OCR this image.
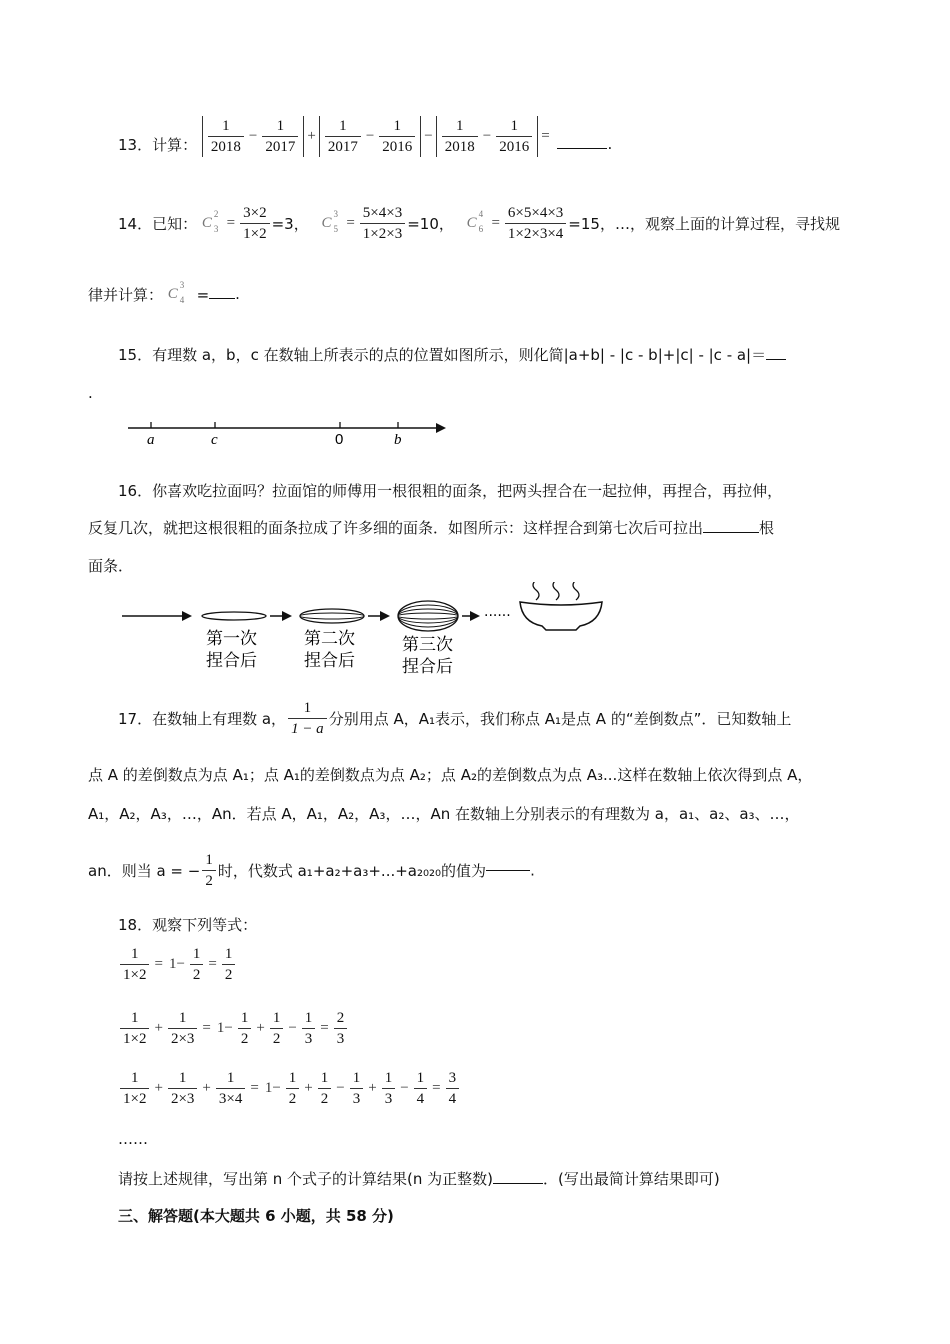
13．计算： $\frac{1}{2018} - \frac{1}{2017} + \frac{1}{2017} - \frac{1}{2016} - \frac{1}{2018} - \frac{1}{2016}$ =	.
14．已知： C
2
$3 = \frac{3\times 2}{1\times 2} =3$， C
3
$5 = \frac{5\times 4\times 3}{1\times 2\times 3} =10$， C
4
$6 = \frac{6\times 5\times 4\times 3}{1\times 2\times 3\times 4} =15$，…，观察上面的计算过程，寻找规
律并计算： C
3
4 = .
15．有理数 a，b，c 在数轴上所表示的点的位置如图所示，则化简|a+b| - |c - b|+|c| - |c - a|＝
.
a	c	0	b
16．你喜欢吃拉面吗？拉面馆的师傅用一根很粗的面条，把两头捏合在一起拉伸，再捏合，再拉伸，
反复几次，就把这根很粗的面条拉成了许多细的面条．如图所示：这样捏合到第七次后可拉出	根
面条．
······
第一次
捏合后
第二次
捏合后
第三次
捏合后
17．在数轴上有理数 a， $\frac{1}{1 - a}$ 分别用点 A，A₁表示，我们称点 A₁是点 A 的“差倒数点”．已知数轴上
点 A 的差倒数点为点 A₁；点 A₁的差倒数点为点 A₂；点 A₂的差倒数点为点 A₃...这样在数轴上依次得到点 A，
A₁，A₂，A₃，…，An．若点 A，A₁，A₂，A₃，…，An 在数轴上分别表示的有理数为 a，a₁、a₂、a₃、…，
an．则当 a = − $\frac{1}{2}$ 时，代数式 a₁+a₂+a₃+...+a₂₀₂₀的值为	.
18．观察下列等式：
$\frac{1}{1\times 2} = 1- \frac{1}{2} = \frac{1}{2}$
$\frac{1}{1\times 2} + \frac{1}{2\times 3} = 1- \frac{1}{2} + \frac{1}{2} - \frac{1}{3} = \frac{2}{3}$
$\frac{1}{1\times 2} + \frac{1}{2\times 3} + \frac{1}{3\times 4} = 1- \frac{1}{2} + \frac{1}{2} - \frac{1}{3} + \frac{1}{3} - \frac{1}{4} = \frac{3}{4}$
……
请按上述规律，写出第 n 个式子的计算结果(n 为正整数)	．(写出最简计算结果即可)
三、解答题(本大题共 6 小题，共 58 分)
